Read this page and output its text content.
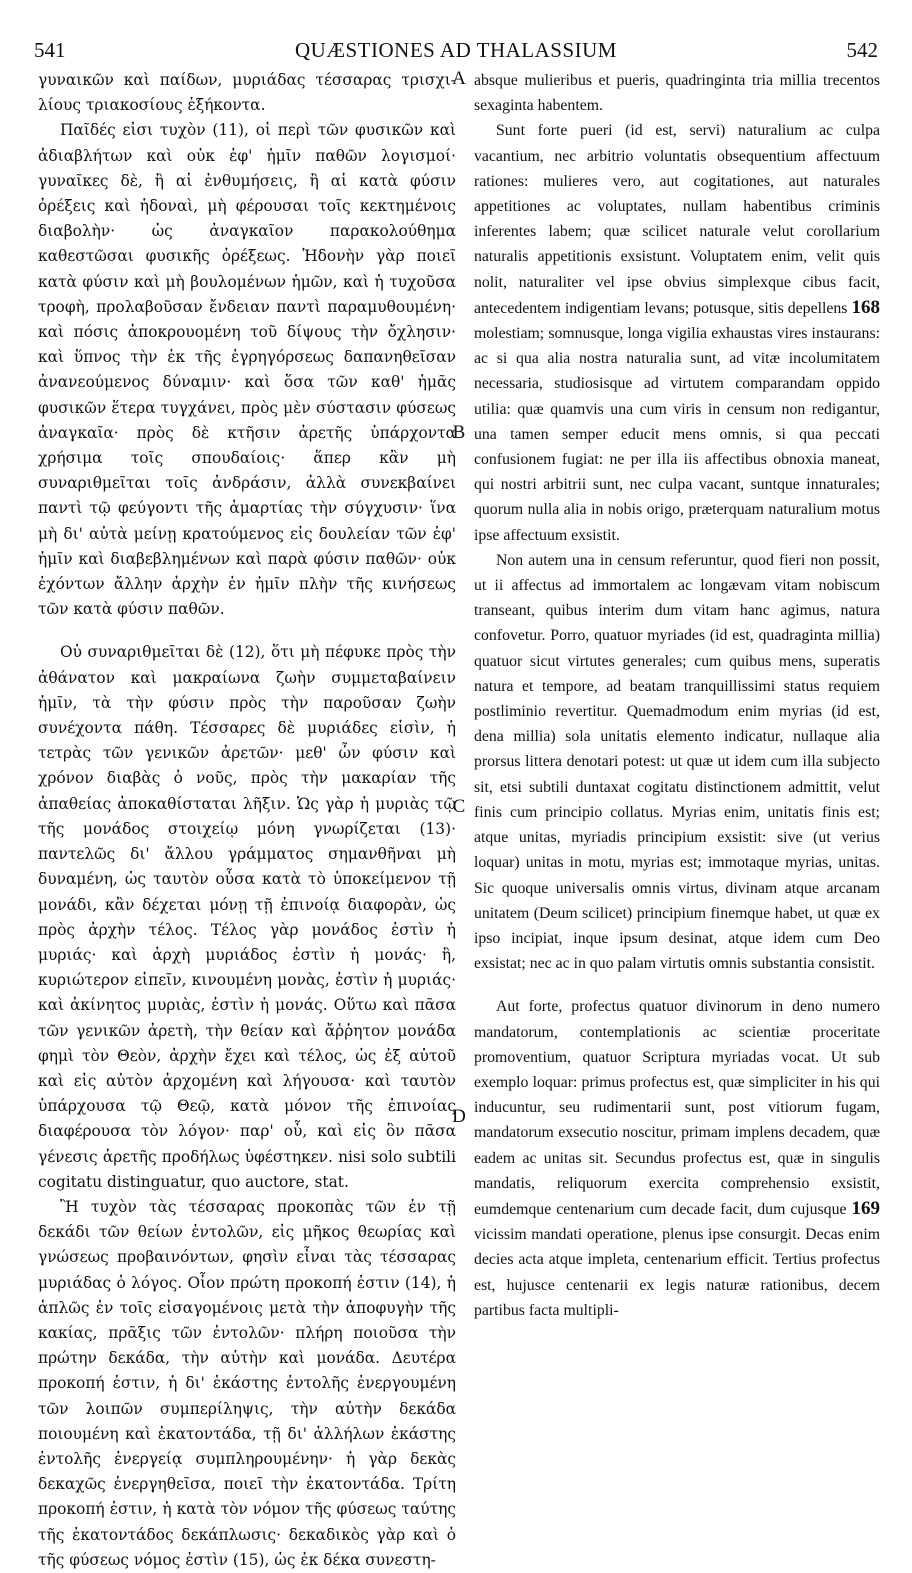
541	QUÆSTIONES AD THALASSIUM	542

γυναικῶν καὶ παίδων, μυριάδας τέσσαρας τρισχι- λίους τριακοσίους ἑξήκοντα.

Παῖδές εἰσι τυχὸν (11), οἱ περὶ τῶν φυσικῶν καὶ ἀδιαβλήτων καὶ οὐκ ἐφ' ἡμῖν παθῶν λογισμοί· γυναῖκες δὲ, ἢ αἱ ἐνθυμήσεις, ἢ αἱ κατὰ φύσιν ὀρέξεις καὶ ἡδοναὶ, μὴ φέρουσαι τοῖς κεκτημένοις διαβολὴν· ὡς ἀναγκαῖον παρακολούθημα καθεστῶσαι φυσικῆς ὀρέξεως. Ἡδονὴν γὰρ ποιεῖ κατὰ φύσιν καὶ μὴ βουλομένων ἡμῶν, καὶ ἡ τυχοῦσα τροφὴ, προλαβοῦσαν ἔνδειαν παντὶ παραμυθουμένη· καὶ πόσις ἀποκρουομένη τοῦ δίψους τὴν ὄχλησιν· καὶ ὕπνος τὴν ἐκ τῆς ἐγρηγόρσεως δαπανηθεῖσαν ἀνανεούμενος δύναμιν· καὶ ὅσα τῶν καθ' ἡμᾶς φυσικῶν ἕτερα τυγχάνει, πρὸς μὲν σύστασιν φύσεως ἀναγκαῖα· πρὸς δὲ κτῆσιν ἀρετῆς ὑπάρχοντα χρήσιμα τοῖς σπουδαίοις· ἅπερ κἂν μὴ συναριθμεῖται τοῖς ἀνδράσιν, ἀλλὰ συνεκβαίνει παντὶ τῷ φεύγοντι τῆς ἁμαρτίας τὴν σύγχυσιν· ἵνα μὴ δι' αὐτὰ μείνῃ κρατούμενος εἰς δουλείαν τῶν ἐφ' ἡμῖν καὶ διαβεβλημένων καὶ παρὰ φύσιν παθῶν· οὐκ ἐχόντων ἄλλην ἀρχὴν ἐν ἡμῖν πλὴν τῆς κινήσεως τῶν κατὰ φύσιν παθῶν.

Οὐ συναριθμεῖται δὲ (12), ὅτι μὴ πέφυκε πρὸς τὴν ἀθάνατον καὶ μακραίωνα ζωὴν συμμεταβαίνειν ἡμῖν, τὰ τὴν φύσιν πρὸς τὴν παροῦσαν ζωὴν συνέχοντα πάθη. Τέσσαρες δὲ μυριάδες εἰσὶν, ἡ τετρὰς τῶν γενικῶν ἀρετῶν· μεθ' ὧν φύσιν καὶ χρόνον διαβὰς ὁ νοῦς, πρὸς τὴν μακαρίαν τῆς ἀπαθείας ἀποκαθίσταται λῆξιν. Ὡς γὰρ ἡ μυριὰς τῷ τῆς μονάδος στοιχείῳ μόνη γνωρίζεται (13)· παντελῶς δι' ἄλλου γράμματος σημανθῆναι μὴ δυναμένη, ὡς ταυτὸν οὖσα κατὰ τὸ ὑποκείμενον τῇ μονάδι, κἂν δέχεται μόνῃ τῇ ἐπινοίᾳ διαφορὰν, ὡς πρὸς ἀρχὴν τέλος. Τέλος γὰρ μονάδος ἐστὶν ἡ μυριάς· καὶ ἀρχὴ μυριάδος ἐστὶν ἡ μονάς· ἢ, κυριώτερον εἰπεῖν, κινουμένη μονὰς, ἐστὶν ἡ μυριάς· καὶ ἀκίνητος μυριὰς, ἐστὶν ἡ μονάς. Οὕτω καὶ πᾶσα τῶν γενικῶν ἀρετὴ, τὴν θείαν καὶ ἄῤῥητον μονάδα φημὶ τὸν Θεὸν, ἀρχὴν ἔχει καὶ τέλος, ὡς ἐξ αὐτοῦ καὶ εἰς αὐτὸν ἀρχομένη καὶ λήγουσα· καὶ ταυτὸν ὑπάρχουσα τῷ Θεῷ, κατὰ μόνον τῆς ἐπινοίας διαφέρουσα τὸν λόγον· παρ' οὗ, καὶ εἰς ὃν πᾶσα γένεσις ἀρετῆς προδήλως ὑφέστηκεν. nisi solo subtili cogitatu distinguatur, quo auctore, stat.

Ἢ τυχὸν τὰς τέσσαρας προκοπὰς τῶν ἐν τῇ δεκάδι τῶν θείων ἐντολῶν, εἰς μῆκος θεωρίας καὶ γνώσεως προβαινόντων, φησὶν εἶναι τὰς τέσσαρας μυριάδας ὁ λόγος. Οἷον πρώτη προκοπή ἐστιν (14), ἡ ἁπλῶς ἐν τοῖς εἰσαγομένοις μετὰ τὴν ἀποφυγὴν τῆς κακίας, πρᾶξις τῶν ἐντολῶν· πλήρη ποιοῦσα τὴν πρώτην δεκάδα, τὴν αὐτὴν καὶ μονάδα. Δευτέρα προκοπή ἐστιν, ἡ δι' ἑκάστης ἐντολῆς ἐνεργουμένη τῶν λοιπῶν συμπερίληψις, τὴν αὐτὴν δεκάδα ποιουμένη καὶ ἑκατοντάδα, τῇ δι' ἀλλήλων ἑκάστης ἐντολῆς ἐνεργείᾳ συμπληρουμένην· ἡ γὰρ δεκὰς δεκαχῶς ἐνεργηθεῖσα, ποιεῖ τὴν ἑκατοντάδα. Τρίτη προκοπή ἐστιν, ἡ κατὰ τὸν νόμον τῆς φύσεως ταύτης τῆς ἑκατοντάδος δεκάπλωσις· δεκαδικὸς γὰρ καὶ ὁ τῆς φύσεως νόμος ἐστὶν (15), ὡς ἐκ δέκα συνεστη-

A
B
C
D

absque mulieribus et pueris, quadringinta tria millia trecentos sexaginta habentem.

Sunt forte pueri (id est, servi) naturalium ac culpa vacantium, nec arbitrio voluntatis obsequentium affectuum rationes: mulieres vero, aut cogitationes, aut naturales appetitiones ac voluptates, nullam habentibus criminis inferentes labem; quæ scilicet naturale velut corollarium naturalis appetitionis exsistunt. Voluptatem enim, velit quis nolit, naturaliter vel ipse obvius simplexque cibus facit, antecedentem indigentiam levans; potusque, sitis depellens 168 molestiam; somnusque, longa vigilia exhaustas vires instaurans: ac si qua alia nostra naturalia sunt, ad vitæ incolumitatem necessaria, studiosisque ad virtutem comparandam oppido utilia: quæ quamvis una cum viris in censum non redigantur, una tamen semper educit mens omnis, si qua peccati confusionem fugiat: ne per illa iis affectibus obnoxia maneat, qui nostri arbitrii sunt, nec culpa vacant, suntque innaturales; quorum nulla alia in nobis origo, præterquam naturalium motus ipse affectuum exsistit.

Non autem una in censum referuntur, quod fieri non possit, ut ii affectus ad immortalem ac longævam vitam nobiscum transeant, quibus interim dum vitam hanc agimus, natura confovetur. Porro, quatuor myriades (id est, quadraginta millia) quatuor sicut virtutes generales; cum quibus mens, superatis natura et tempore, ad beatam tranquillissimi status requiem postliminio revertitur. Quemadmodum enim myrias (id est, dena millia) sola unitatis elemento indicatur, nullaque alia prorsus littera denotari potest: ut quæ ut idem cum illa subjecto sit, etsi subtili duntaxat cogitatu distinctionem admittit, velut finis cum principio collatus. Myrias enim, unitatis finis est; atque unitas, myriadis principium exsistit: sive (ut verius loquar) unitas in motu, myrias est; immotaque myrias, unitas. Sic quoque universalis omnis virtus, divinam atque arcanam unitatem (Deum scilicet) principium finemque habet, ut quæ ex ipso incipiat, inque ipsum desinat, atque idem cum Deo exsistat; nec ac in quo palam virtutis omnis substantia consistit.

Aut forte, profectus quatuor divinorum in deno numero mandatorum, contemplationis ac scientiæ proceritate promoventium, quatuor Scriptura myriadas vocat. Ut sub exemplo loquar: primus profectus est, quæ simpliciter in his qui inducuntur, seu rudimentarii sunt, post vitiorum fugam, mandatorum exsecutio noscitur, primam implens decadem, quæ eadem ac unitas sit. Secundus profectus est, quæ in singulis mandatis, reliquorum exercita comprehensio exsistit, eumdemque centenarium cum decade facit, dum cujusque 169 vicissim mandati operatione, plenus ipse consurgit. Decas enim decies acta atque impleta, centenarium efficit. Tertius profectus est, hujusce centenarii ex legis naturæ rationibus, decem partibus facta multipli-
